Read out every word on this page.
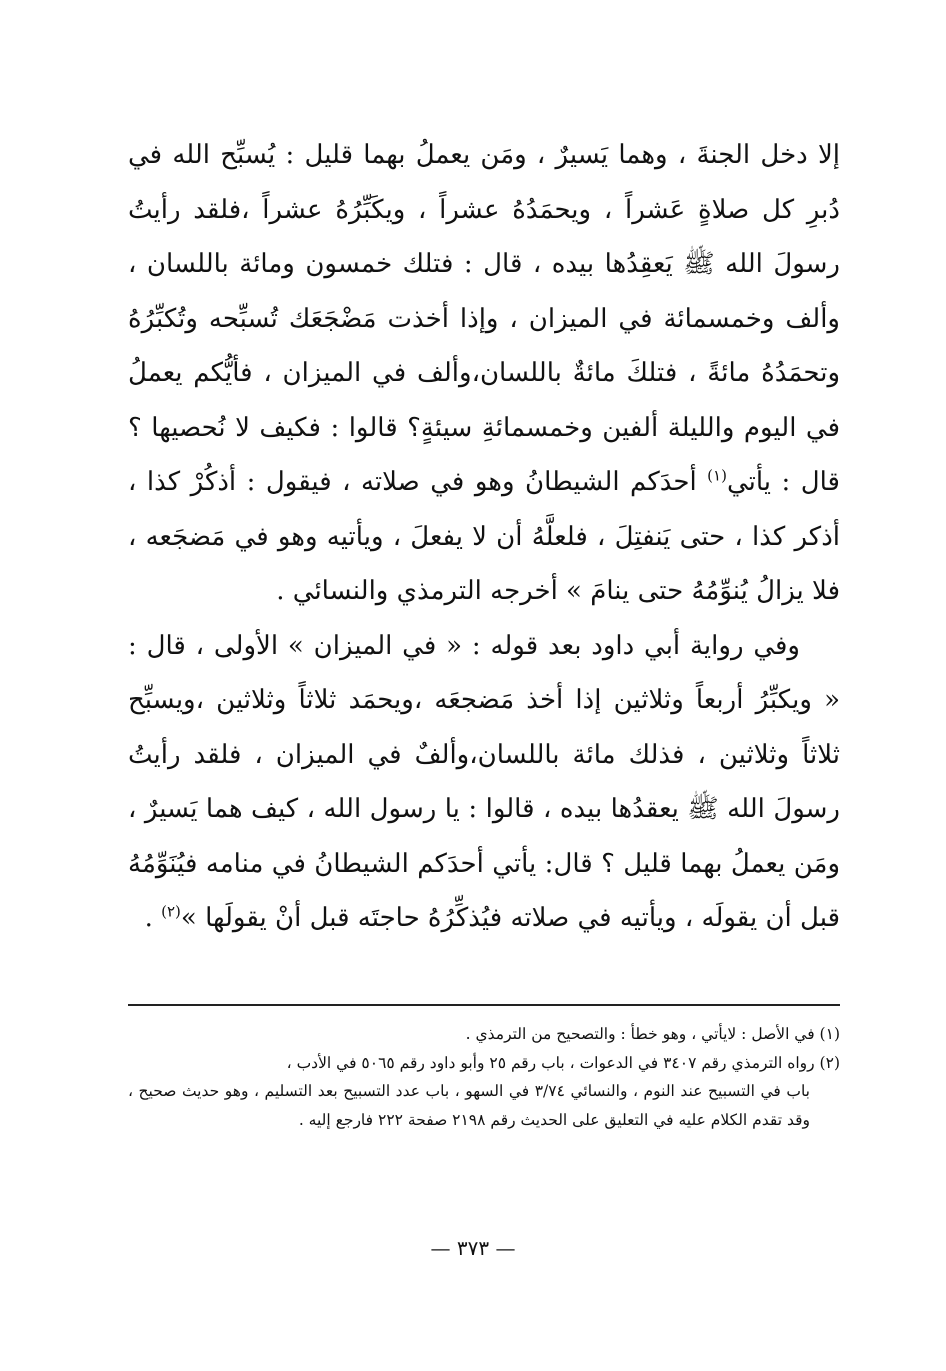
إلا دخل الجنةَ ، وهما يَسيرٌ ، ومَن يعملُ بهما قليل : يُسبِّح الله في دُبرِ كل صلاةٍ عَشراً ، ويحمَدُهُ عشراً ، ويكَبِّرُهُ عشراً ،فلقد رأيتُ رسولَ الله ﷺ يَعقِدُها بيده ، قال : فتلك خمسون ومائة باللسان ، وألف وخمسمائة في الميزان ، وإذا أخذت مَضْجَعَك تُسبِّحه وتُكبِّرُهُ وتحمَدُهُ مائةً ، فتلكَ مائةٌ باللسان،وألف في الميزان ، فأيُّكم يعملُ في اليوم والليلة ألفين وخمسمائةِ سيئةٍ؟ قالوا : فكيف لا نُحصيها ؟ قال : يأتي$^{(١)}$ أحدَكم الشيطانُ وهو في صلاته ، فيقول : أذكُرْ كذا ، أذكر كذا ، حتى يَنفتِلَ ، فلعلَّهُ أن لا يفعلَ ، ويأتيه وهو في مَضجَعه ، فلا يزالُ يُنوِّمُهُ حتى ينامَ » أخرجه الترمذي والنسائي .

وفي رواية أبي داود بعد قوله : « في الميزان » الأولى ، قال : « ويكبِّرُ أربعاً وثلاثين إذا أخذ مَضجعَه ،ويحمَد ثلاثاً وثلاثين ،ويسبِّح ثلاثاً وثلاثين ، فذلك مائة باللسان،وألفٌ في الميزان ، فلقد رأيتُ رسولَ الله ﷺ يعقدُها بيده ، قالوا : يا رسول الله ، كيف هما يَسيرٌ ، ومَن يعملُ بهما قليل ؟ قال: يأتي أحدَكم الشيطانُ في منامه فيُنَوِّمُهُ قبل أن يقولَه ، ويأتيه في صلاته فيُذكِّرُهُ حاجتَه قبل أنْ يقولَها »$^{(٢)}$ .

(١) في الأصل : لايأتي ، وهو خطأ : والتصحيح من الترمذي .

(٢) رواه الترمذي رقم ٣٤٠٧ في الدعوات ، باب رقم ٢٥ وأبو داود رقم ٥٠٦٥ في الأدب ،

باب في التسبيح عند النوم ، والنسائي ٣/٧٤ في السهو ، باب عدد التسبيح بعد التسليم ، وهو حديث صحيح ، وقد تقدم الكلام عليه في التعليق على الحديث رقم ٢١٩٨ صفحة ٢٢٢ فارجع إليه .

— ٣٧٣ —
